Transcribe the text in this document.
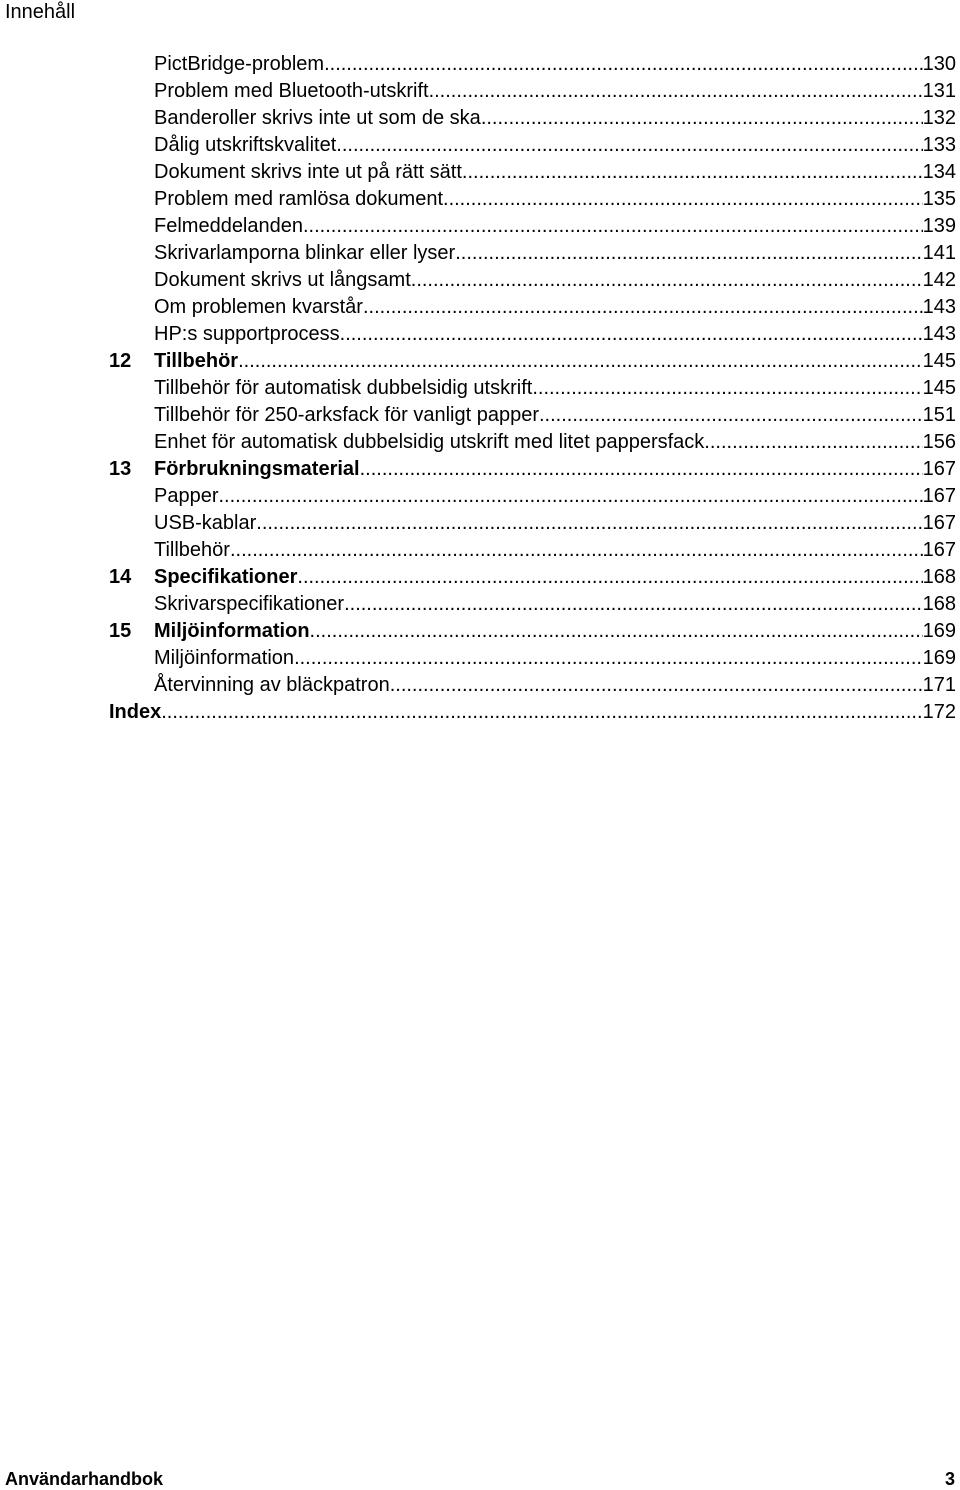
Innehåll
PictBridge-problem .....	130
Problem med Bluetooth-utskrift .....	131
Banderoller skrivs inte ut som de ska .....	132
Dålig utskriftskvalitet .....	133
Dokument skrivs inte ut på rätt sätt .....	134
Problem med ramlösa dokument .....	135
Felmeddelanden .....	139
Skrivarlamporna blinkar eller lyser .....	141
Dokument skrivs ut långsamt .....	142
Om problemen kvarstår .....	143
HP:s supportprocess .....	143
12	Tillbehör .....	145
Tillbehör för automatisk dubbelsidig utskrift .....	145
Tillbehör för 250-arksfack för vanligt papper .....	151
Enhet för automatisk dubbelsidig utskrift med litet pappersfack .....	156
13	Förbrukningsmaterial .....	167
Papper .....	167
USB-kablar .....	167
Tillbehör .....	167
14	Specifikationer .....	168
Skrivarspecifikationer .....	168
15	Miljöinformation .....	169
Miljöinformation .....	169
Återvinning av bläckpatron .....	171
Index .....	172
Användarhandbok	3
